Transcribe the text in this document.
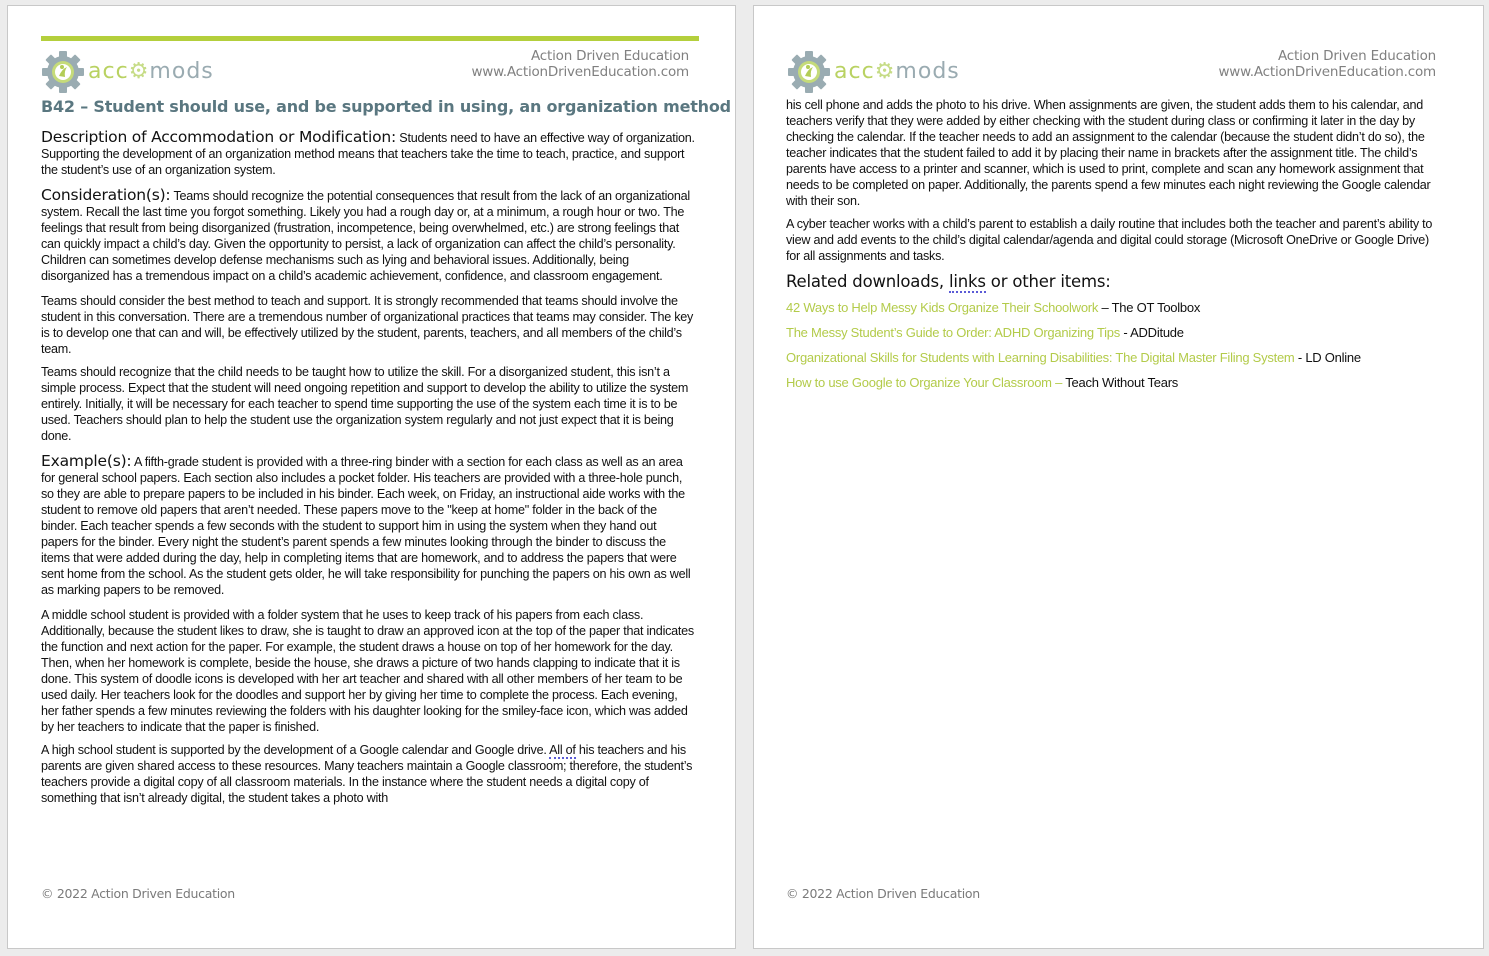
acc⚙mods
Action Driven Education
www.ActionDrivenEducation.com
B42 – Student should use, and be supported in using, an organization method

Description of Accommodation or Modification: Students need to have an effective way of organization. Supporting the development of an organization method means that teachers take the time to teach, practice, and support the student’s use of an organization system.

Consideration(s): Teams should recognize the potential consequences that result from the lack of an organizational system. Recall the last time you forgot something. Likely you had a rough day or, at a minimum, a rough hour or two. The feelings that result from being disorganized (frustration, incompetence, being overwhelmed, etc.) are strong feelings that can quickly impact a child’s day. Given the opportunity to persist, a lack of organization can affect the child’s personality. Children can sometimes develop defense mechanisms such as lying and behavioral issues. Additionally, being disorganized has a tremendous impact on a child’s academic achievement, confidence, and classroom engagement.

Teams should consider the best method to teach and support. It is strongly recommended that teams should involve the student in this conversation. There are a tremendous number of organizational practices that teams may consider. The key is to develop one that can and will, be effectively utilized by the student, parents, teachers, and all members of the child’s team.

Teams should recognize that the child needs to be taught how to utilize the skill. For a disorganized student, this isn’t a simple process. Expect that the student will need ongoing repetition and support to develop the ability to utilize the system entirely. Initially, it will be necessary for each teacher to spend time supporting the use of the system each time it is to be used. Teachers should plan to help the student use the organization system regularly and not just expect that it is being done.

Example(s): A fifth-grade student is provided with a three-ring binder with a section for each class as well as an area for general school papers. Each section also includes a pocket folder. His teachers are provided with a three-hole punch, so they are able to prepare papers to be included in his binder. Each week, on Friday, an instructional aide works with the student to remove old papers that aren’t needed. These papers move to the "keep at home" folder in the back of the binder. Each teacher spends a few seconds with the student to support him in using the system when they hand out papers for the binder. Every night the student’s parent spends a few minutes looking through the binder to discuss the items that were added during the day, help in completing items that are homework, and to address the papers that were sent home from the school. As the student gets older, he will take responsibility for punching the papers on his own as well as marking papers to be removed.

A middle school student is provided with a folder system that he uses to keep track of his papers from each class. Additionally, because the student likes to draw, she is taught to draw an approved icon at the top of the paper that indicates the function and next action for the paper. For example, the student draws a house on top of her homework for the day. Then, when her homework is complete, beside the house, she draws a picture of two hands clapping to indicate that it is done. This system of doodle icons is developed with her art teacher and shared with all other members of her team to be used daily. Her teachers look for the doodles and support her by giving her time to complete the process. Each evening, her father spends a few minutes reviewing the folders with his daughter looking for the smiley-face icon, which was added by her teachers to indicate that the paper is finished.

A high school student is supported by the development of a Google calendar and Google drive. All of his teachers and his parents are given shared access to these resources. Many teachers maintain a Google classroom; therefore, the student’s teachers provide a digital copy of all classroom materials. In the instance where the student needs a digital copy of something that isn’t already digital, the student takes a photo with

© 2022 Action Driven Education
acc⚙mods
Action Driven Education
www.ActionDrivenEducation.com

his cell phone and adds the photo to his drive. When assignments are given, the student adds them to his calendar, and teachers verify that they were added by either checking with the student during class or confirming it later in the day by checking the calendar. If the teacher needs to add an assignment to the calendar (because the student didn’t do so), the teacher indicates that the student failed to add it by placing their name in brackets after the assignment title. The child’s parents have access to a printer and scanner, which is used to print, complete and scan any homework assignment that needs to be completed on paper. Additionally, the parents spend a few minutes each night reviewing the Google calendar with their son.

A cyber teacher works with a child’s parent to establish a daily routine that includes both the teacher and parent’s ability to view and add events to the child’s digital calendar/agenda and digital could storage (Microsoft OneDrive or Google Drive) for all assignments and tasks.

Related downloads, links or other items:
42 Ways to Help Messy Kids Organize Their Schoolwork – The OT Toolbox
The Messy Student’s Guide to Order: ADHD Organizing Tips - ADDitude
Organizational Skills for Students with Learning Disabilities: The Digital Master Filing System - LD Online
How to use Google to Organize Your Classroom – Teach Without Tears
© 2022 Action Driven Education
